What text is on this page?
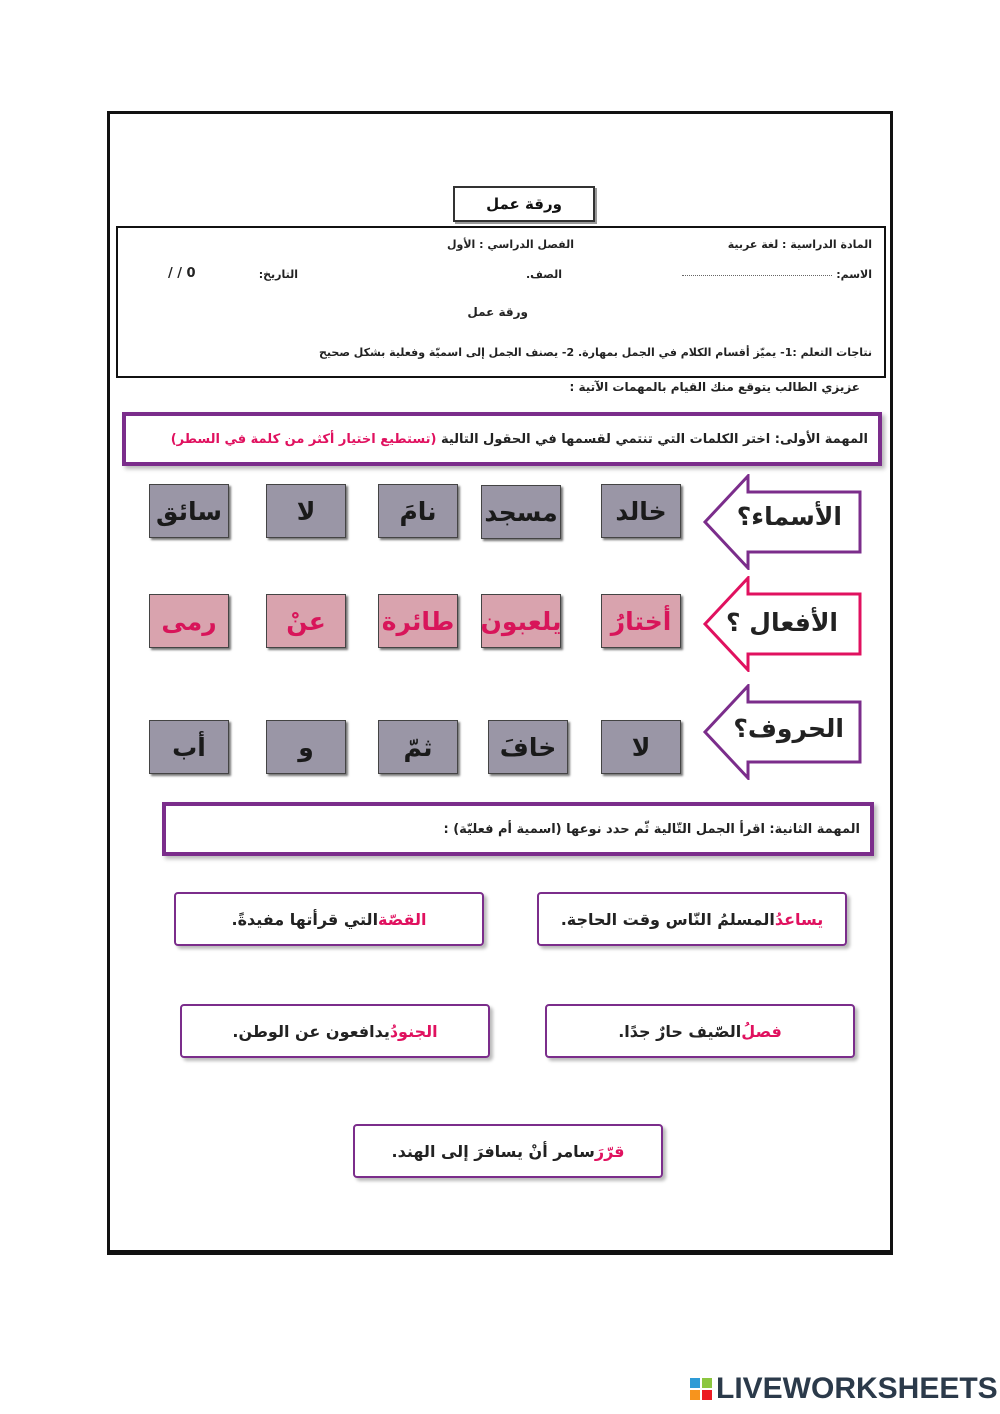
ورقة عمل
المادة الدراسية : لغة عربية
الفصل الدراسي : الأول
الاسم:
الصف.
التاريخ:
/ / 0
ورقة عمل
نتاجات التعلم :1- يميّز أقسام الكلام في الجمل بمهارة. 2- يصنف الجمل إلى اسميّة وفعلية بشكل صحيح
عزيزي الطالب يتوقع منك القيام بالمهمات الآتية :
المهمة الأولى: اختر الكلمات التي تنتمي لقسمها في الحقول التالية

(تستطيع اختيار أكثر من كلمة في السطر)
الأسماء؟
خالد
مسجد
نامَ
لا
سائق
الأفعال ؟
أختارُ
يلعبون
طائرة
عنْ
رمى
الحروف؟
لا
خافَ
ثمّ
و
أب
المهمة الثانية: اقرأ الجمل التّالية ثّم حدد نوعها (اسمية أم فعليّة) :
يساعدُ
المسلمُ النّاس وقت الحاجة.
القصّة
التي قرأتها مفيدةً.
فصلُ
الصّيف حارٌ جدًا.
الجنودُ
يدافعون عن الوطن.
قرّرَ
سامر أنْ يسافرَ إلى الهند.
LIVEWORKSHEETS
